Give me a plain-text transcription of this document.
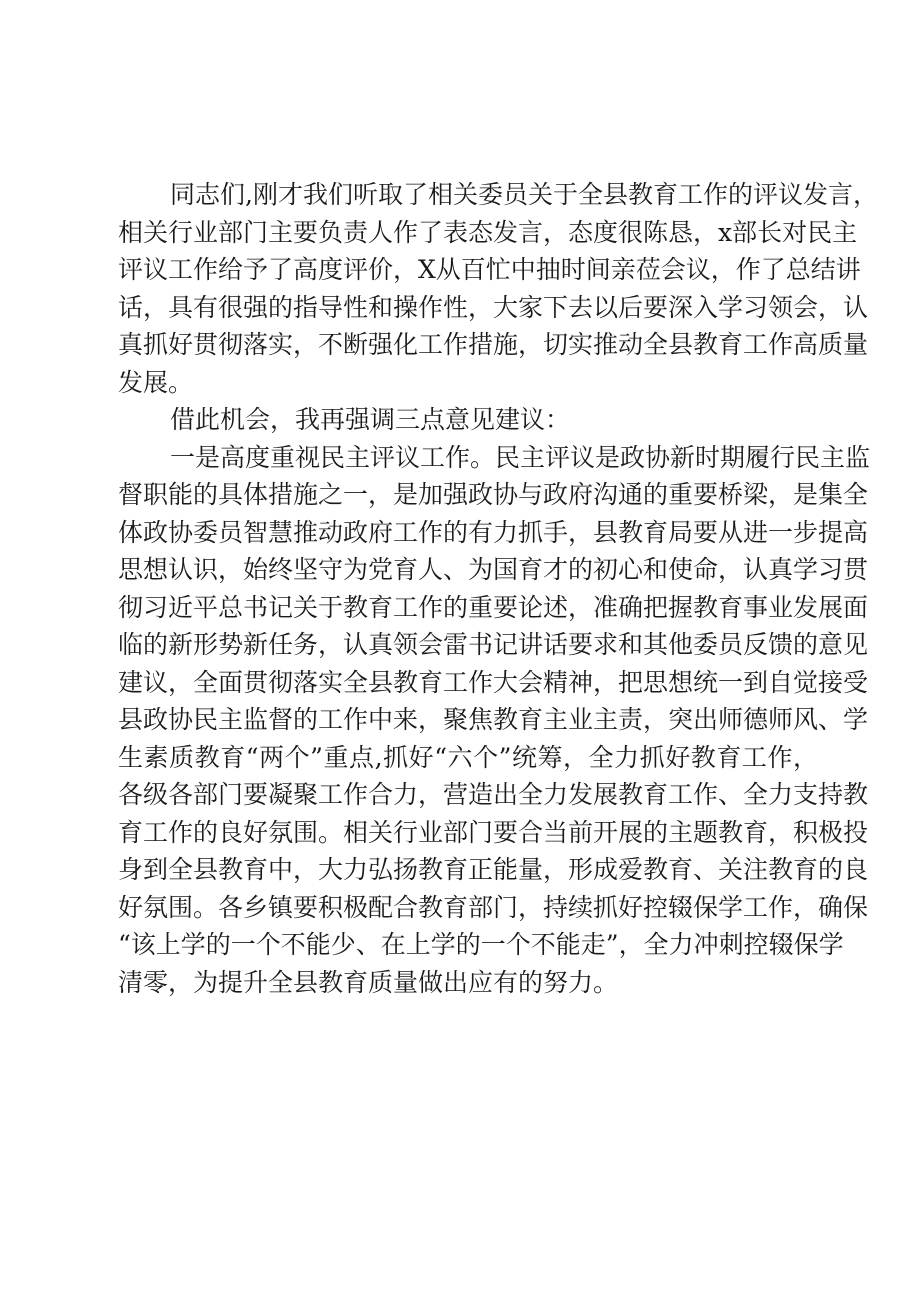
同志们,刚才我们听取了相关委员关于全县教育工作的评议发言，
相关行业部门主要负责人作了表态发言，态度很陈恳，x部长对民主
评议工作给予了高度评价，X从百忙中抽时间亲莅会议，作了总结讲
话，具有很强的指导性和操作性，大家下去以后要深入学习领会，认
真抓好贯彻落实，不断强化工作措施，切实推动全县教育工作高质量
发展。
借此机会，我再强调三点意见建议：
一是高度重视民主评议工作。民主评议是政协新时期履行民主监
督职能的具体措施之一，是加强政协与政府沟通的重要桥梁，是集全
体政协委员智慧推动政府工作的有力抓手，县教育局要从进一步提高
思想认识，始终坚守为党育人、为国育才的初心和使命，认真学习贯
彻习近平总书记关于教育工作的重要论述，准确把握教育事业发展面
临的新形势新任务，认真领会雷书记讲话要求和其他委员反馈的意见
建议，全面贯彻落实全县教育工作大会精神，把思想统一到自觉接受
县政协民主监督的工作中来，聚焦教育主业主责，突出师德师风、学
生素质教育“两个”重点,抓好“六个”统筹，全力抓好教育工作，
各级各部门要凝聚工作合力，营造出全力发展教育工作、全力支持教
育工作的良好氛围。相关行业部门要合当前开展的主题教育，积极投
身到全县教育中，大力弘扬教育正能量，形成爱教育、关注教育的良
好氛围。各乡镇要积极配合教育部门，持续抓好控辍保学工作，确保
“该上学的一个不能少、在上学的一个不能走”，全力冲刺控辍保学
清零，为提升全县教育质量做出应有的努力。
